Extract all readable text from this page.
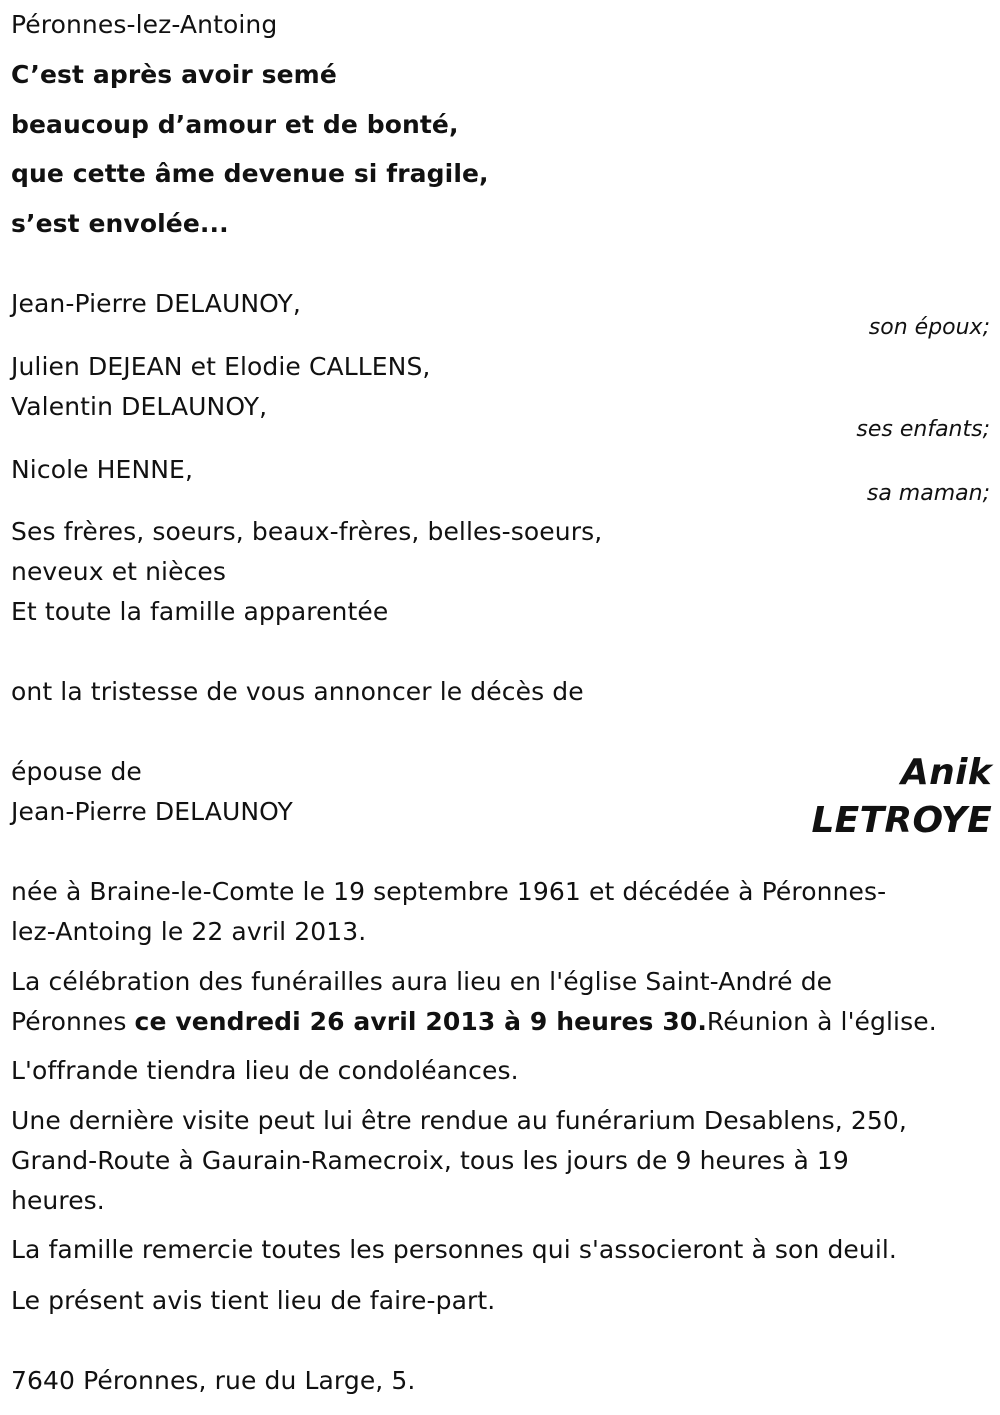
Péronnes-lez-Antoing
C’est après avoir semé
beaucoup d’amour et de bonté,
que cette âme devenue si fragile,
s’est envolée...
Jean-Pierre DELAUNOY,
son époux;
Julien DEJEAN et Elodie CALLENS,
Valentin DELAUNOY,
ses enfants;
Nicole HENNE,
sa maman;
Ses frères, soeurs, beaux-frères, belles-soeurs,
neveux et nièces
Et toute la famille apparentée
ont la tristesse de vous annoncer le décès de
épouse de
Jean-Pierre DELAUNOY
Anik
LETROYE
née à Braine-le-Comte le 19 septembre 1961 et décédée à Péronnes-
lez-Antoing le 22 avril 2013.
La célébration des funérailles aura lieu en l'église Saint-André de
Péronnes ce vendredi 26 avril 2013 à 9 heures 30.Réunion à l'église.
L'offrande tiendra lieu de condoléances.
Une dernière visite peut lui être rendue au funérarium Desablens, 250,
Grand-Route à Gaurain-Ramecroix, tous les jours de 9 heures à 19
heures.
La famille remercie toutes les personnes qui s'associeront à son deuil.
Le présent avis tient lieu de faire-part.
7640 Péronnes, rue du Large, 5.
